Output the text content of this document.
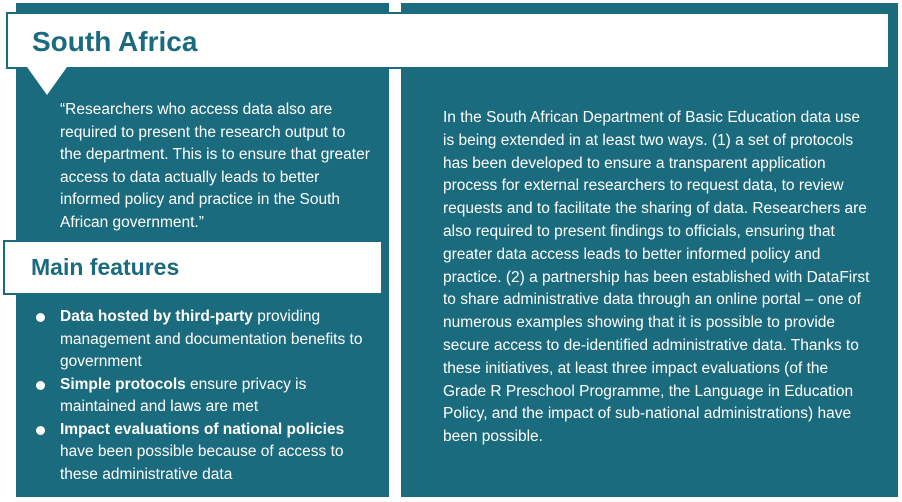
South Africa

“Researchers who access data also are required to present the research output to the department. This is to ensure that greater access to data actually leads to better informed policy and practice in the South African government.”

Main features
Data hosted by third-party providing management and documentation benefits to government
Simple protocols ensure privacy is maintained and laws are met
Impact evaluations of national policies have been possible because of access to these administrative data

In the South African Department of Basic Education data use is being extended in at least two ways. (1) a set of protocols has been developed to ensure a transparent application process for external researchers to request data, to review requests and to facilitate the sharing of data. Researchers are also required to present findings to officials, ensuring that greater data access leads to better informed policy and practice. (2) a partnership has been established with DataFirst to share administrative data through an online portal – one of numerous examples showing that it is possible to provide secure access to de-identified administrative data. Thanks to these initiatives, at least three impact evaluations (of the Grade R Preschool Programme, the Language in Education Policy, and the impact of sub-national administrations) have been possible.
